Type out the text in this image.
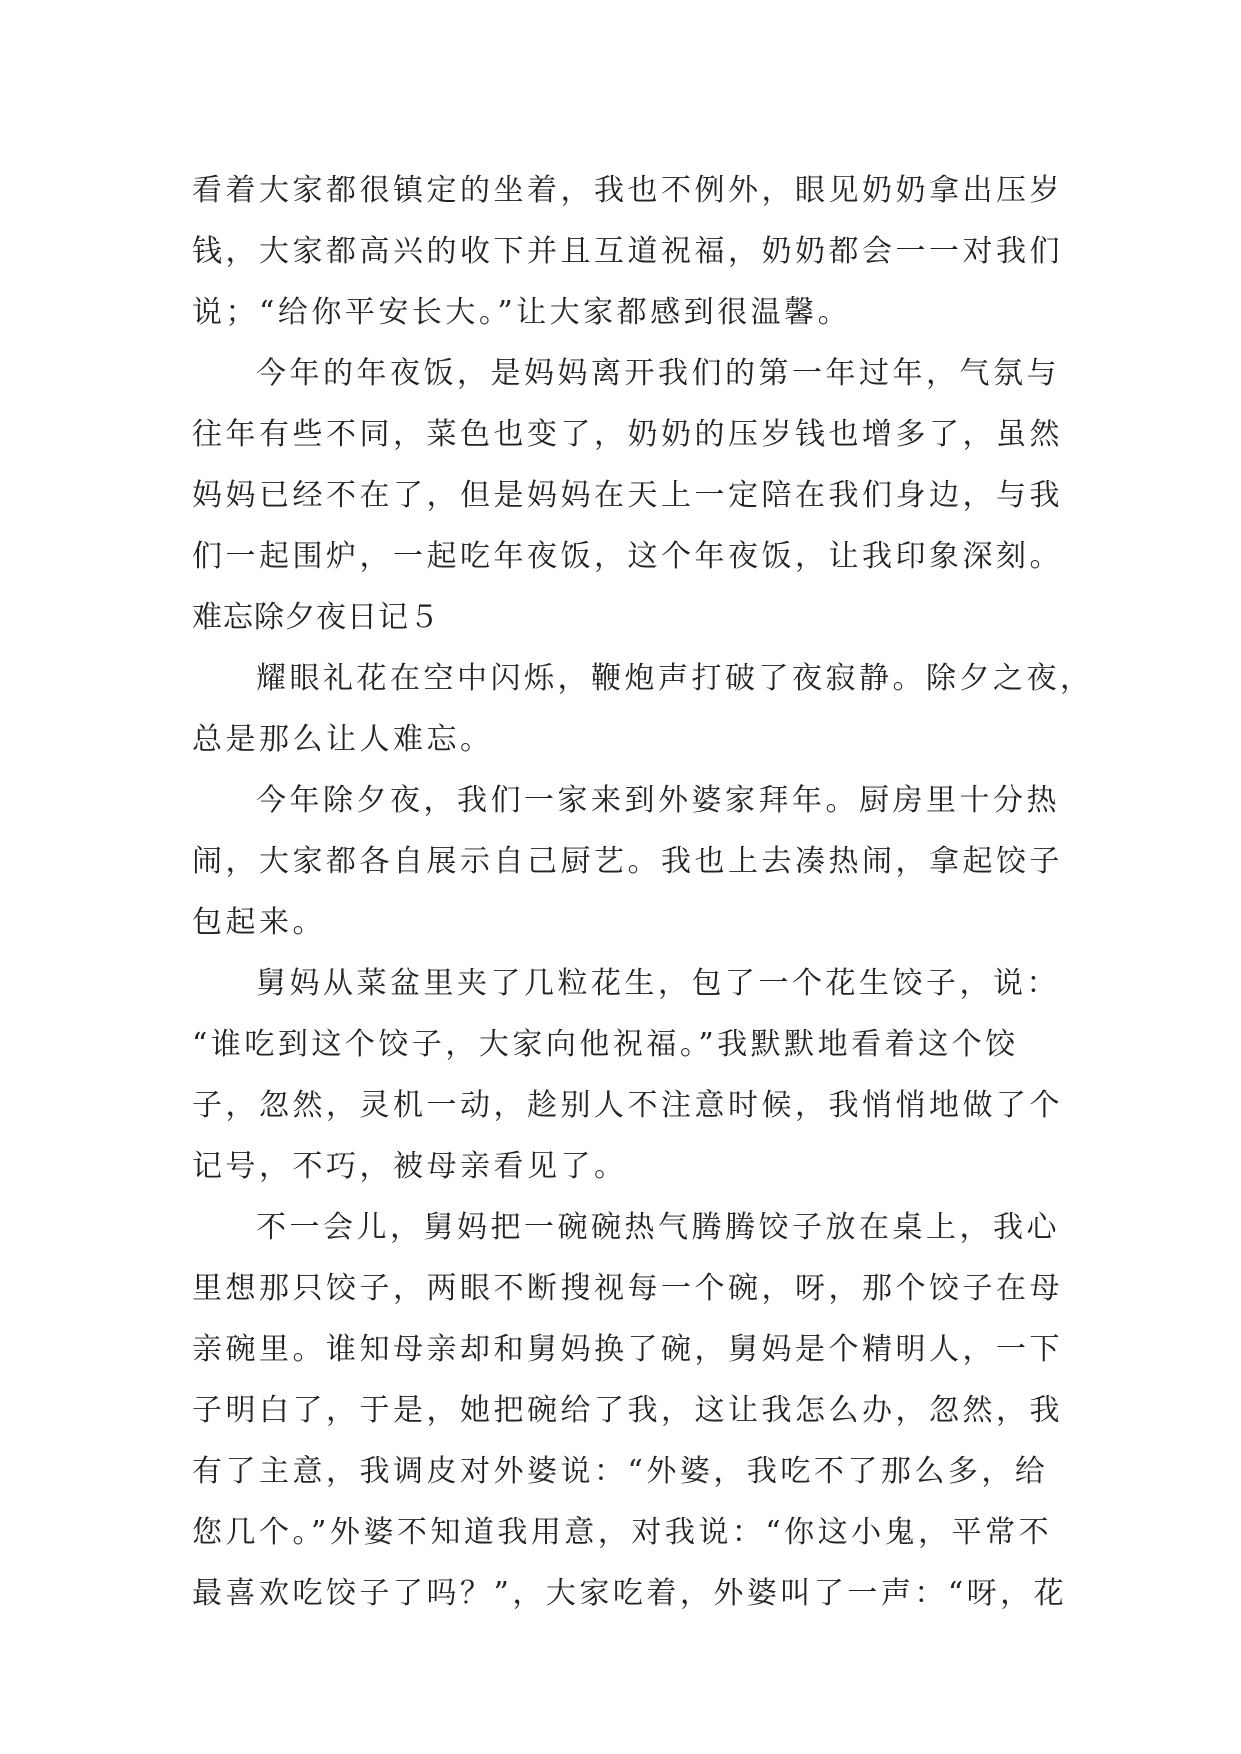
看着大家都很镇定的坐着，我也不例外，眼见奶奶拿出压岁
钱，大家都高兴的收下并且互道祝福，奶奶都会一一对我们
说；“给你平安长大。”让大家都感到很温馨。
今年的年夜饭，是妈妈离开我们的第一年过年，气氛与
往年有些不同，菜色也变了，奶奶的压岁钱也增多了，虽然
妈妈已经不在了，但是妈妈在天上一定陪在我们身边，与我
们一起围炉，一起吃年夜饭，这个年夜饭，让我印象深刻。
难忘除夕夜日记５
耀眼礼花在空中闪烁，鞭炮声打破了夜寂静。除夕之夜，
总是那么让人难忘。
今年除夕夜，我们一家来到外婆家拜年。厨房里十分热
闹，大家都各自展示自己厨艺。我也上去凑热闹，拿起饺子
包起来。
舅妈从菜盆里夹了几粒花生，包了一个花生饺子，说：
“谁吃到这个饺子，大家向他祝福。”我默默地看着这个饺
子，忽然，灵机一动，趁别人不注意时候，我悄悄地做了个
记号，不巧，被母亲看见了。
不一会儿，舅妈把一碗碗热气腾腾饺子放在桌上，我心
里想那只饺子，两眼不断搜视每一个碗，呀，那个饺子在母
亲碗里。谁知母亲却和舅妈换了碗，舅妈是个精明人，一下
子明白了，于是，她把碗给了我，这让我怎么办，忽然，我
有了主意，我调皮对外婆说：“外婆，我吃不了那么多，给
您几个。”外婆不知道我用意，对我说：“你这小鬼，平常不
最喜欢吃饺子了吗？”，大家吃着，外婆叫了一声：“呀，花
